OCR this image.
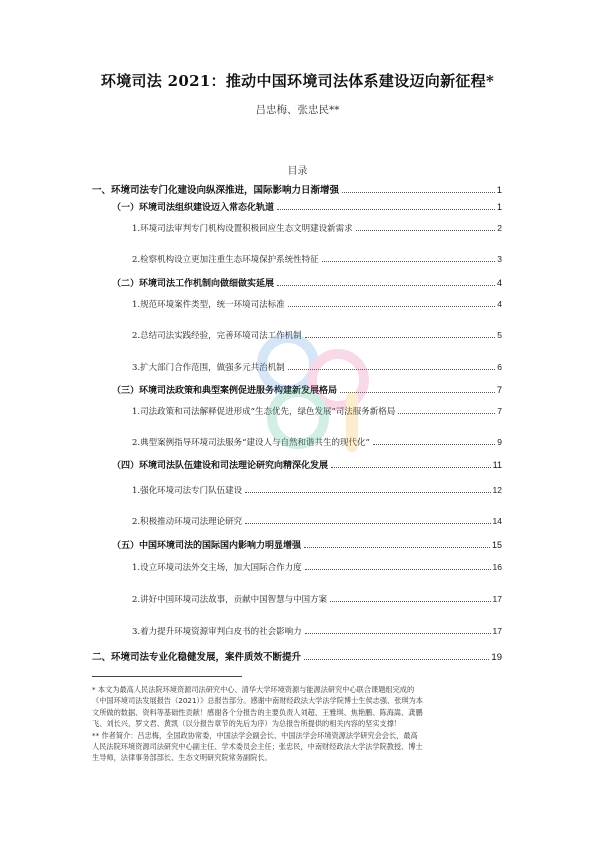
环境司法 2021：推动中国环境司法体系建设迈向新征程*
吕忠梅、张忠民**
目录
一、环境司法专门化建设向纵深推进，国际影响力日渐增强	1
（一）环境司法组织建设迈入常态化轨道	1
1.环境司法审判专门机构设置积极回应生态文明建设新需求	2
2.检察机构设立更加注重生态环境保护系统性特征	3
（二）环境司法工作机制向做细做实延展	4
1.规范环境案件类型，统一环境司法标准	4
2.总结司法实践经验，完善环境司法工作机制	5
3.扩大部门合作范围，做强多元共治机制	6
（三）环境司法政策和典型案例促进服务构建新发展格局	7
1.司法政策和司法解释促进形成“生态优先，绿色发展”司法服务新格局	7
2.典型案例指导环境司法服务“建设人与自然和谐共生的现代化”	9
（四）环境司法队伍建设和司法理论研究向精深化发展	11
1.强化环境司法专门队伍建设	12
2.积极推动环境司法理论研究	14
（五）中国环境司法的国际国内影响力明显增强	15
1.设立环境司法外交主场，加大国际合作力度	16
2.讲好中国环境司法故事，贡献中国智慧与中国方案	17
3.着力提升环境资源审判白皮书的社会影响力	17
二、环境司法专业化稳健发展，案件质效不断提升	19

* 本文为最高人民法院环境资源司法研究中心、清华大学环境资源与能源法研究中心联合课题组完成的

《中国环境司法发展报告（2021）》总报告部分。感谢中南财经政法大学法学院博士生侯志强、张琪为本

文所做的数据、资料等基础性贡献！感谢各个分报告的主要负责人刘超、王雅琪、焦艳鹏、陈海嵩、龚鹏

飞、刘长兴、罗文君、黄凯（以分报告章节的先后为序）为总报告所提供的相关内容的坚实支撑！

** 作者简介：吕忠梅，全国政协常委，中国法学会副会长、中国法学会环境资源法学研究会会长，最高

人民法院环境资源司法研究中心副主任、学术委员会主任；张忠民，中南财经政法大学法学院教授、博士

生导师，法律事务部部长、生态文明研究院常务副院长。
